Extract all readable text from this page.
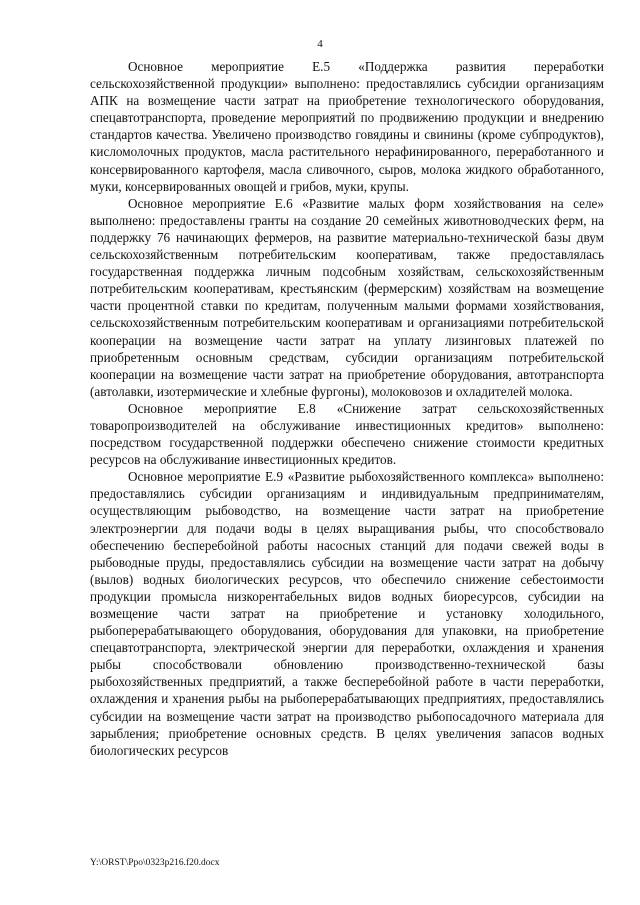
4

Основное мероприятие Е.5 «Поддержка развития переработки сельскохозяйственной продукции» выполнено: предоставлялись субсидии организациям АПК на возмещение части затрат на приобретение технологического оборудования, спецавтотранспорта, проведение мероприятий по продвижению продукции и внедрению стандартов качества. Увеличено производство говядины и свинины (кроме субпродуктов), кисломолочных продуктов, масла растительного нерафинированного, переработанного и консервированного картофеля, масла сливочного, сыров, молока жидкого обработанного, муки, консервированных овощей и грибов, муки, крупы.

Основное мероприятие Е.6 «Развитие малых форм хозяйствования на селе» выполнено: предоставлены гранты на создание 20 семейных животноводческих ферм, на поддержку 76 начинающих фермеров, на развитие материально-технической базы двум сельскохозяйственным потребительским кооперативам, также предоставлялась государственная поддержка личным подсобным хозяйствам, сельскохозяйственным потребительским кооперативам, крестьянским (фермерским) хозяйствам на возмещение части процентной ставки по кредитам, полученным малыми формами хозяйствования, сельскохозяйственным потребительским кооперативам и организациями потребительской кооперации на возмещение части затрат на уплату лизинговых платежей по приобретенным основным средствам, субсидии организациям потребительской кооперации на возмещение части затрат на приобретение оборудования, автотранспорта (автолавки, изотермические и хлебные фургоны), молоковозов и охладителей молока.

Основное мероприятие Е.8 «Снижение затрат сельскохозяйственных товаропроизводителей на обслуживание инвестиционных кредитов» выполнено: посредством государственной поддержки обеспечено снижение стоимости кредитных ресурсов на обслуживание инвестиционных кредитов.

Основное мероприятие Е.9 «Развитие рыбохозяйственного комплекса» выполнено: предоставлялись субсидии организациям и индивидуальным предпринимателям, осуществляющим рыбоводство, на возмещение части затрат на приобретение электроэнергии для подачи воды в целях выращивания рыбы, что способствовало обеспечению бесперебойной работы насосных станций для подачи свежей воды в рыбоводные пруды, предоставлялись субсидии на возмещение части затрат на добычу (вылов) водных биологических ресурсов, что обеспечило снижение себестоимости продукции промысла низкорентабельных видов водных биоресурсов, субсидии на возмещение части затрат на приобретение и установку холодильного, рыбоперерабатывающего оборудования, оборудования для упаковки, на приобретение спецавтотранспорта, электрической энергии для переработки, охлаждения и хранения рыбы способствовали обновлению производственно-технической базы рыбохозяйственных предприятий, а также бесперебойной работе в части переработки, охлаждения и хранения рыбы на рыбоперерабатывающих предприятиях, предоставлялись субсидии на возмещение части затрат на производство рыбопосадочного материала для зарыбления; приобретение основных средств. В целях увеличения запасов водных биологических ресурсов

Y:\ORST\Ppo\0323p216.f20.docx
